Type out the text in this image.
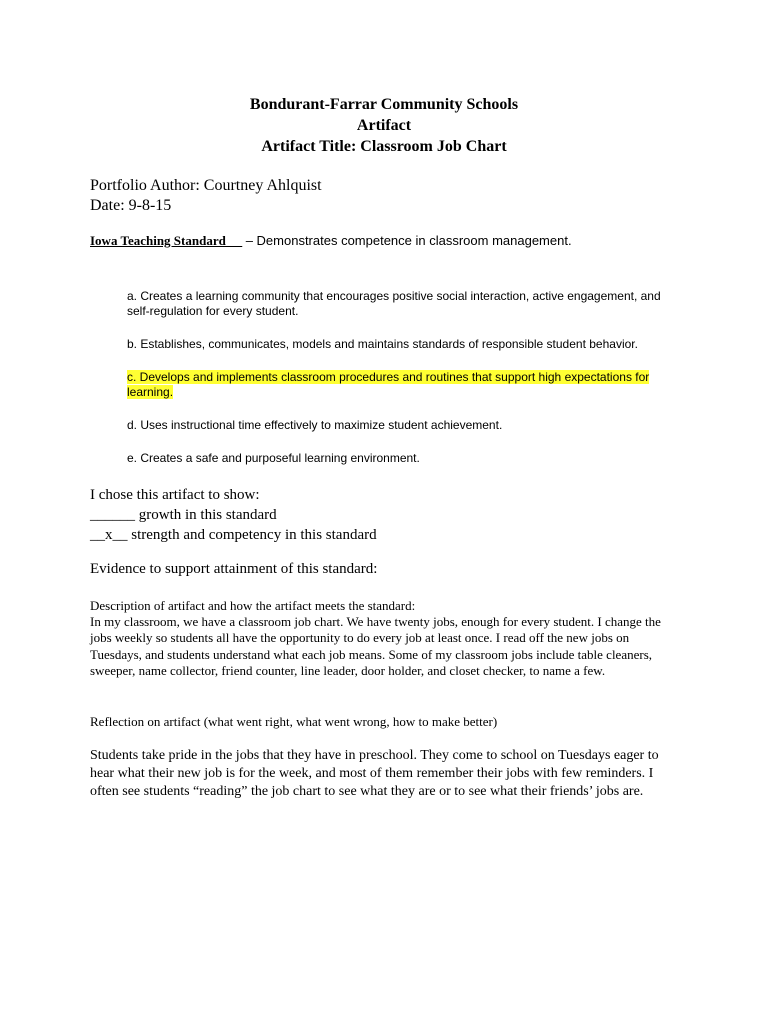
Bondurant-Farrar Community Schools
Artifact
Artifact Title: Classroom Job Chart
Portfolio Author: Courtney Ahlquist
Date: 9-8-15
Iowa Teaching Standard __ – Demonstrates competence in classroom management.

a. Creates a learning community that encourages positive social interaction, active engagement, and self-regulation for every student.

b. Establishes, communicates, models and maintains standards of responsible student behavior.

c. Develops and implements classroom procedures and routines that support high expectations for learning.

d. Uses instructional time effectively to maximize student achievement.

e. Creates a safe and purposeful learning environment.

I chose this artifact to show:
______ growth in this standard
__x__ strength and competency in this standard
Evidence to support attainment of this standard:
Description of artifact and how the artifact meets the standard:
In my classroom, we have a classroom job chart. We have twenty jobs, enough for every student. I change the jobs weekly so students all have the opportunity to do every job at least once. I read off the new jobs on Tuesdays, and students understand what each job means. Some of my classroom jobs include table cleaners, sweeper, name collector, friend counter, line leader, door holder, and closet checker, to name a few.
Reflection on artifact (what went right, what went wrong, how to make better)
Students take pride in the jobs that they have in preschool. They come to school on Tuesdays eager to hear what their new job is for the week, and most of them remember their jobs with few reminders. I often see students “reading” the job chart to see what they are or to see what their friends’ jobs are.
